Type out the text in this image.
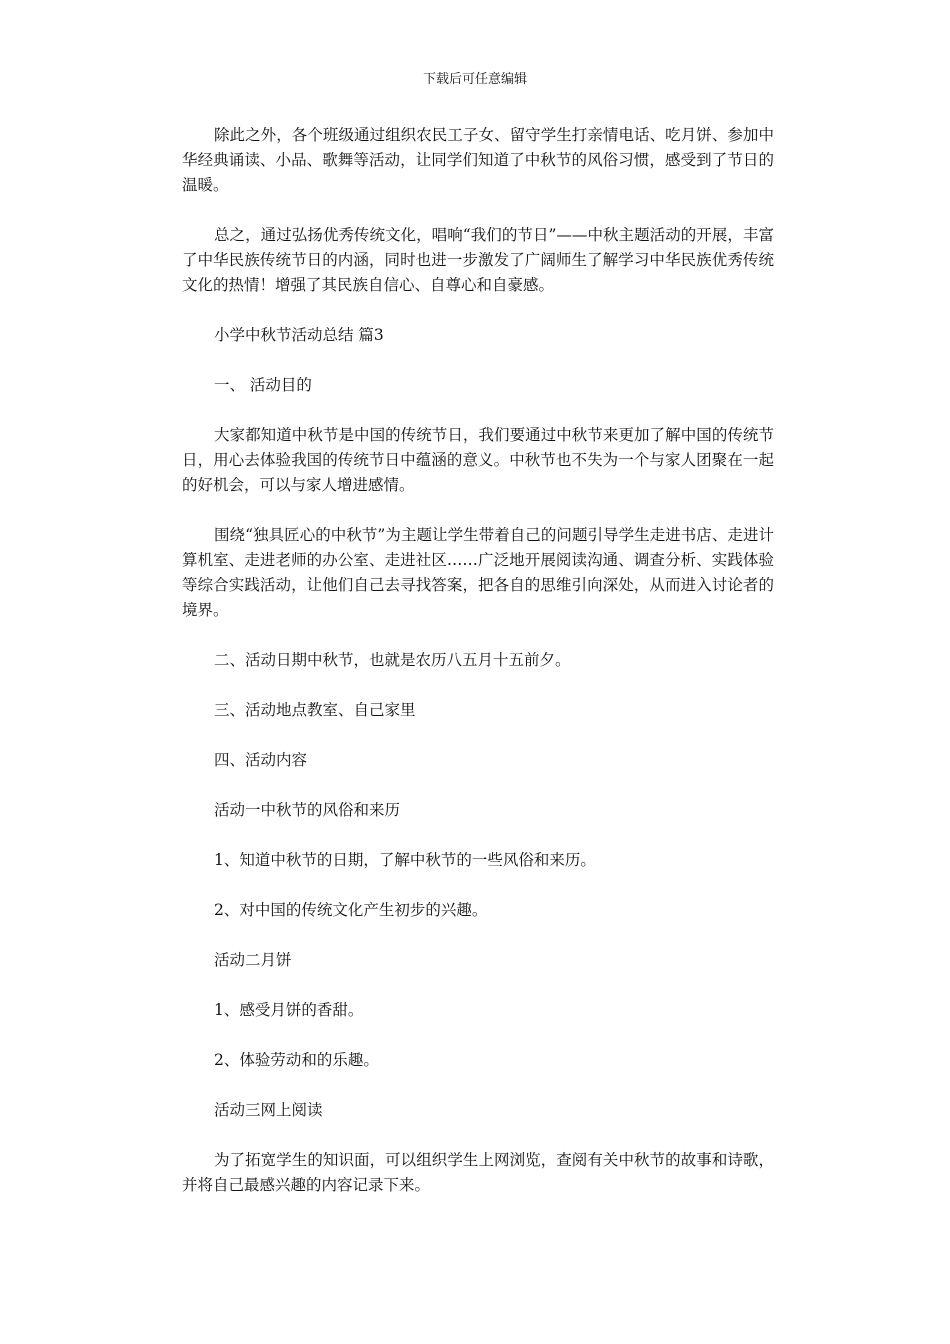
下载后可任意编辑

除此之外，各个班级通过组织农民工子女、留守学生打亲情电话、吃月饼、参加中华经典诵读、小品、歌舞等活动，让同学们知道了中秋节的风俗习惯，感受到了节日的温暖。

总之，通过弘扬优秀传统文化，唱响“我们的节日”——中秋主题活动的开展，丰富了中华民族传统节日的内涵，同时也进一步激发了广阔师生了解学习中华民族优秀传统文化的热情！增强了其民族自信心、自尊心和自豪感。

小学中秋节活动总结 篇3

一、 活动目的

大家都知道中秋节是中国的传统节日，我们要通过中秋节来更加了解中国的传统节日，用心去体验我国的传统节日中蕴涵的意义。中秋节也不失为一个与家人团聚在一起的好机会，可以与家人增进感情。

围绕“独具匠心的中秋节”为主题让学生带着自己的问题引导学生走进书店、走进计算机室、走进老师的办公室、走进社区……广泛地开展阅读沟通、调查分析、实践体验等综合实践活动，让他们自己去寻找答案，把各自的思维引向深处，从而进入讨论者的境界。

二、活动日期中秋节，也就是农历八五月十五前夕。

三、活动地点教室、自己家里

四、活动内容

活动一中秋节的风俗和来历

1、知道中秋节的日期，了解中秋节的一些风俗和来历。

2、对中国的传统文化产生初步的兴趣。

活动二月饼

1、感受月饼的香甜。

2、体验劳动和的乐趣。

活动三网上阅读

为了拓宽学生的知识面，可以组织学生上网浏览，查阅有关中秋节的故事和诗歌，并将自己最感兴趣的内容记录下来。
